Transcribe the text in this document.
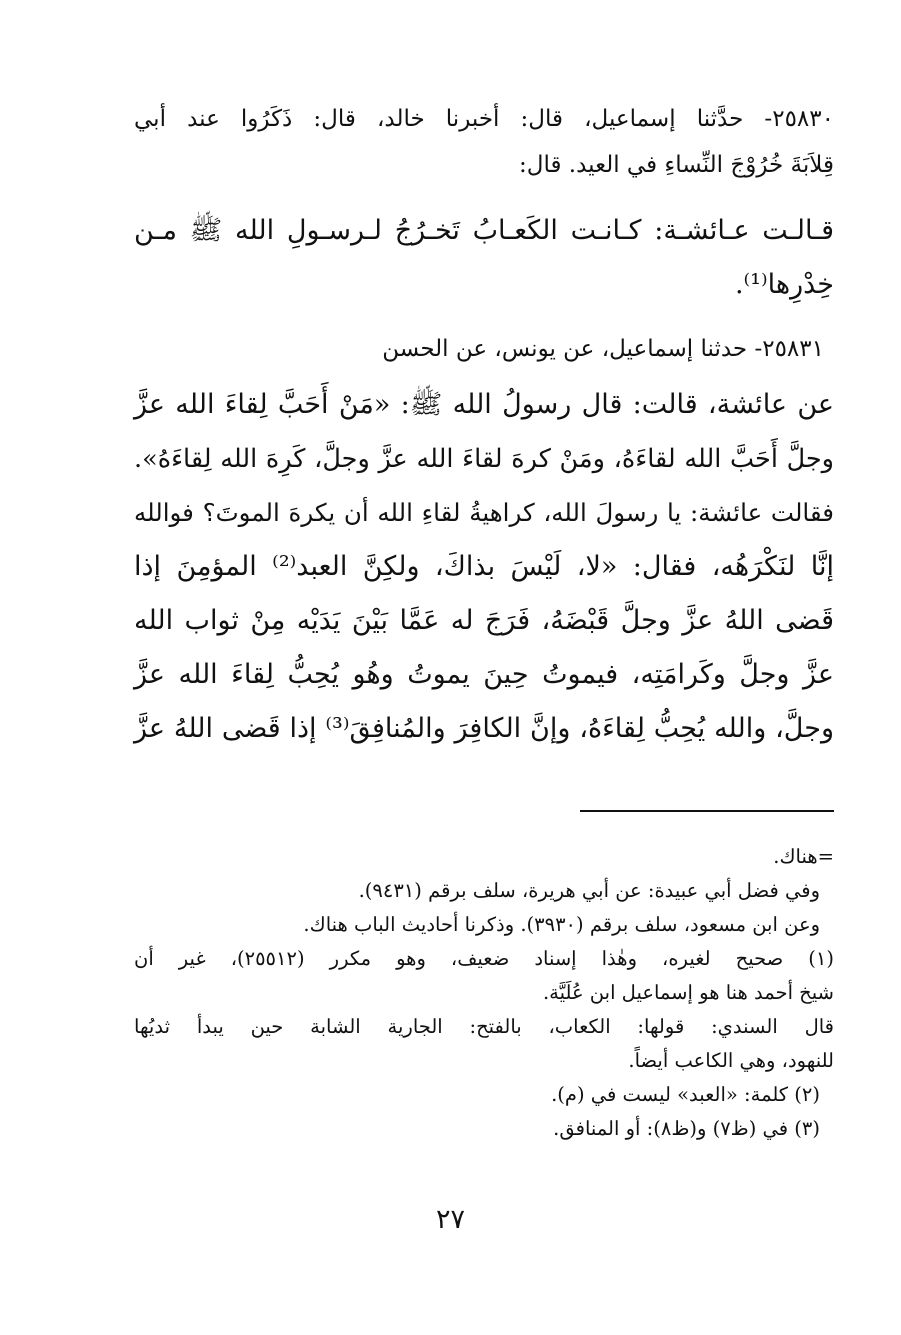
٢٥٨٣٠- حدَّثنا إسماعيل، قال: أخبرنا خالد، قال: ذَكَرُوا عند أبي
قِلاَبَةَ خُرُوْجَ النِّساءِ في العيد. قال:
قـالـت عـائشـة: كـانـت الكَعـابُ تَخـرُجُ لـرسـولِ الله ﷺ مـن
خِدْرِها⁽¹⁾.
٢٥٨٣١- حدثنا إسماعيل، عن يونس، عن الحسن
عن عائشة، قالت: قال رسولُ الله ﷺ: «مَنْ أَحَبَّ لِقاءَ الله عزَّ
وجلَّ أَحَبَّ الله لقاءَهُ، ومَنْ كرهَ لقاءَ الله عزَّ وجلَّ، كَرِهَ الله لِقاءَهُ».
فقالت عائشة: يا رسولَ الله، كراهيةُ لقاءِ الله أن يكرهَ الموتَ؟ فوالله
إنَّا لنَكْرَهُه، فقال: «لا، لَيْسَ بذاكَ، ولكِنَّ العبد⁽²⁾ المؤمِنَ إذا
قَضى اللهُ عزَّ وجلَّ قَبْضَهُ، فَرَجَ له عَمَّا بَيْنَ يَدَيْه مِنْ ثواب الله
عزَّ وجلَّ وكَرامَتِه، فيموتُ حِينَ يموتُ وهُو يُحِبُّ لِقاءَ الله عزَّ
وجلَّ، والله يُحِبُّ لِقاءَهُ، وإنَّ الكافِرَ والمُنافِقَ⁽³⁾ إذا قَضى اللهُ عزَّ
=هناك.
وفي فضل أبي عبيدة: عن أبي هريرة، سلف برقم (٩٤٣١).
وعن ابن مسعود، سلف برقم (٣٩٣٠). وذكرنا أحاديث الباب هناك.
(١) صحيح لغيره، وهٰذا إسناد ضعيف، وهو مكرر (٢٥٥١٢)، غير أن
شيخ أحمد هنا هو إسماعيل ابن عُلَيَّة.
قال السندي: قولها: الكعاب، بالفتح: الجارية الشابة حين يبدأ ثديُها
للنهود، وهي الكاعب أيضاً.
(٢) كلمة: «العبد» ليست في (م).
(٣) في (ظ٧) و(ظ٨): أو المنافق.
٢٧
